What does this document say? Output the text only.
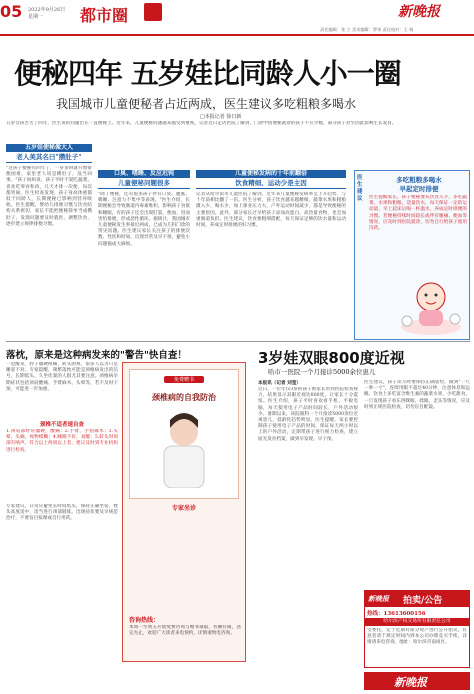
05 2022年9月26日
星期一 都市圈	新晚报
责任编辑：张 立 美术编辑：罗伟 责任校对：王 瑞
便秘四年 五岁娃比同龄人小一圈
我国城市儿童便秘者占近两成，医生建议多吃粗粮多喝水
□本报记者 徐日新
五岁女孩苦苦了四年，医生说的问题出在一直便秘上。近年来，儿童便秘问题越来越受到重视，记者近日走访医院了解到，门诊中因便秘就诊的孩子不在少数，部分孩子甚至因此影响生长发育。
五岁娃便秘像大人
老人美其名曰"攒肚子"
"这孩子便秘有四年了，一岁多时就开始排便困难，家里老人说是攒肚子，没当回事。"孩子妈妈说，孩子平时不爱吃蔬菜，喜欢吃零食和肉，几天才排一次便，每次都哭闹。医生检查发现，孩子身高体重都低于同龄人，长期便秘已影响到营养吸收。医生提醒，婴幼儿排便习惯与饮食结构关系密切，家长不能把便秘简单当成攒肚子，发现问题要及时就医，调整饮食，逐步建立规律排便习惯。
口臭、嗜睡、反应迟钝
儿童便秘问题很多
"除了便秘，还有很多孩子伴有口臭、腹胀、嗜睡、注意力不集中等表现。"医生介绍，长期便秘会导致肠道内毒素堆积，影响孩子食欲和睡眠，有的孩子还会出现肛裂、便血，进而害怕排便，形成恶性循环。据统计，我国城市儿童便秘发生率接近两成，已成为儿科门诊的常见问题。医生建议家长关注孩子的排便次数、性状和时间，出现异常及早干预，避免小问题拖成大麻烦。
儿童便秘发病的十年前翻倍
饮食精细、运动少是主因
记者从哈尔滨市儿童医院了解到，近年来儿童便秘发病率呈上升趋势，与十年前相比翻了一倍。医生分析，孩子饮食越来越精细，蔬菜水果和粗粮摄入少，喝水少，加上课业压力大、户外运动时间减少，都是导致便秘的主要原因。此外，部分家长过早给孩子添加高蛋白、高热量食物，也会加重肠道负担。医生建议，饮食要粗细搭配，每天保证足够的饮水量和运动时间，养成定时排便的好习惯。
医生建议
多吃粗粮多喝水
早起定时排便
医生提醒家长，孩子便秘要从饮食入手，多吃蔬菜、水果和粗粮，适量饮水，每天保证一定的运动量。早上起床后喝一杯温水，养成定时排便的习惯。若便秘持续时间较长或伴有腹痛、便血等情况，应及时到医院就诊，切勿自行给孩子使用泻药。
落枕，原来是这种病发来的"警告"快自查！
一觉醒来，脖子僵硬疼痛，转头困难，很多人以为只是睡姿不对。专家提醒，频繁落枕可能是颈椎病发出的信号，长期低头、久坐伏案的人群尤其要注意。颈椎病早期症状包括颈肩酸痛、手臂麻木、头晕等，若不及时干预，可能进一步加重。
颈椎不适者速自查
1.颈肩部经常僵硬、酸痛；2.手臂、手指麻木；3.头晕、头痛、视物模糊；4.睡眠不好，易醒；5.转头时颈部有响声。符合以上两项以上者，建议及时到专业机构进行检查。
专家建议，日常应避免长时间低头，保持正确坐姿，枕头高度适中，适当进行颈部锻炼。出现症状要及早规范治疗，不要盲目按摩或自行用药。
颈椎病的自我防治
免费赠书
专家坐诊
咨询热线：
本周一至周五开放免费咨询与赠书领取，名额有限，送完为止，欢迎广大读者来电预约，详情请致电咨询。
3岁娃双眼800度近视
哈市一医院一个月接诊5000余位患儿
本报讯（记者 刘莹）
近日，一位年仅3岁的孩子被家长带到医院检查视力，结果显示双眼近视达800度，让家长十分震惊。医生介绍，孩子平时喜欢看手机、平板电脑，每天使用电子产品时间较长，户外活动很少。暑期以来，该院眼科一个月接诊5000余位近视患儿，低龄化趋势明显。医生提醒，家长要控制孩子使用电子产品的时间，保证每天两小时以上的户外活动，定期带孩子进行视力检查，建立屈光发育档案，做到早发现、早干预。
医生建议，孩子读写时要保持正确姿势，做到"一尺一拳一寸"，连续用眼不超过40分钟，注意休息和远眺。饮食上多吃富含维生素的蔬菜水果，少吃甜食。一旦发现孩子看东西眯眼、揉眼、歪头等情况，应及时到正规医院检查，切勿盲目配镜。
新晚报 拍卖/公告
热线：13613600156
哈尔滨产权交易所有限责任公司
受委托，定于近期对部分资产进行公开拍卖，有意者请于规定时间内到本公司办理竞买手续，详情请来电咨询。地址：哈尔滨市南岗区。
新晚报
